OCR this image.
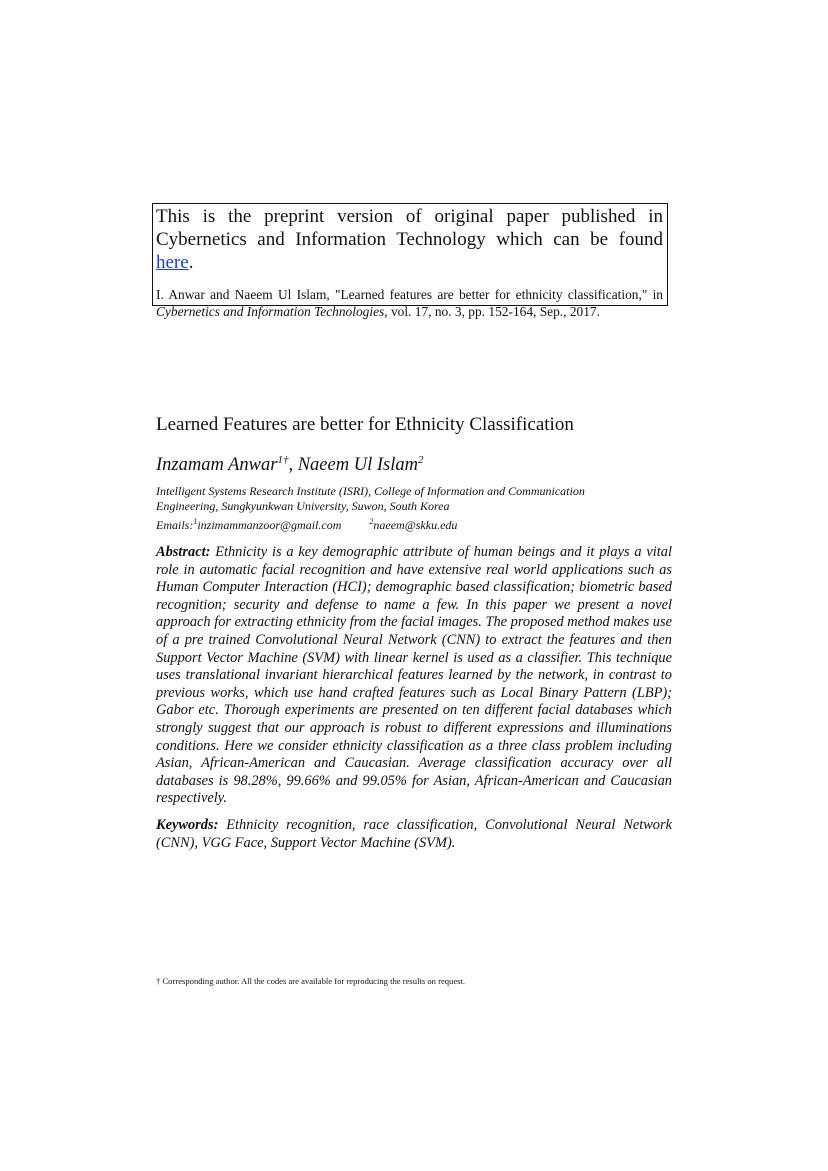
This is the preprint version of original paper published in Cybernetics and Information Technology which can be found here.

I. Anwar and Naeem Ul Islam, "Learned features are better for ethnicity classification," in Cybernetics and Information Technologies, vol. 17, no. 3, pp. 152-164, Sep., 2017.
Learned Features are better for Ethnicity Classification
Inzamam Anwar$^{1\dagger}$, Naeem Ul Islam$^2$
Intelligent Systems Research Institute (ISRI), College of Information and Communication
Engineering, Sungkyunkwan University, Suwon, South Korea
Emails:$^1$inzimammanzoor@gmail.com	$^2$naeem@skku.edu

Abstract: Ethnicity is a key demographic attribute of human beings and it plays a vital role in automatic facial recognition and have extensive real world applications such as Human Computer Interaction (HCI); demographic based classification; biometric based recognition; security and defense to name a few. In this paper we present a novel approach for extracting ethnicity from the facial images. The proposed method makes use of a pre trained Convolutional Neural Network (CNN) to extract the features and then Support Vector Machine (SVM) with linear kernel is used as a classifier. This technique uses translational invariant hierarchical features learned by the network, in contrast to previous works, which use hand crafted features such as Local Binary Pattern (LBP); Gabor etc. Thorough experiments are presented on ten different facial databases which strongly suggest that our approach is robust to different expressions and illuminations conditions. Here we consider ethnicity classification as a three class problem including Asian, African-American and Caucasian. Average classification accuracy over all databases is 98.28%, 99.66% and 99.05% for Asian, African-American and Caucasian respectively.

Keywords: Ethnicity recognition, race classification, Convolutional Neural Network (CNN), VGG Face, Support Vector Machine (SVM).

† Corresponding author. All the codes are available for reproducing the results on request.
